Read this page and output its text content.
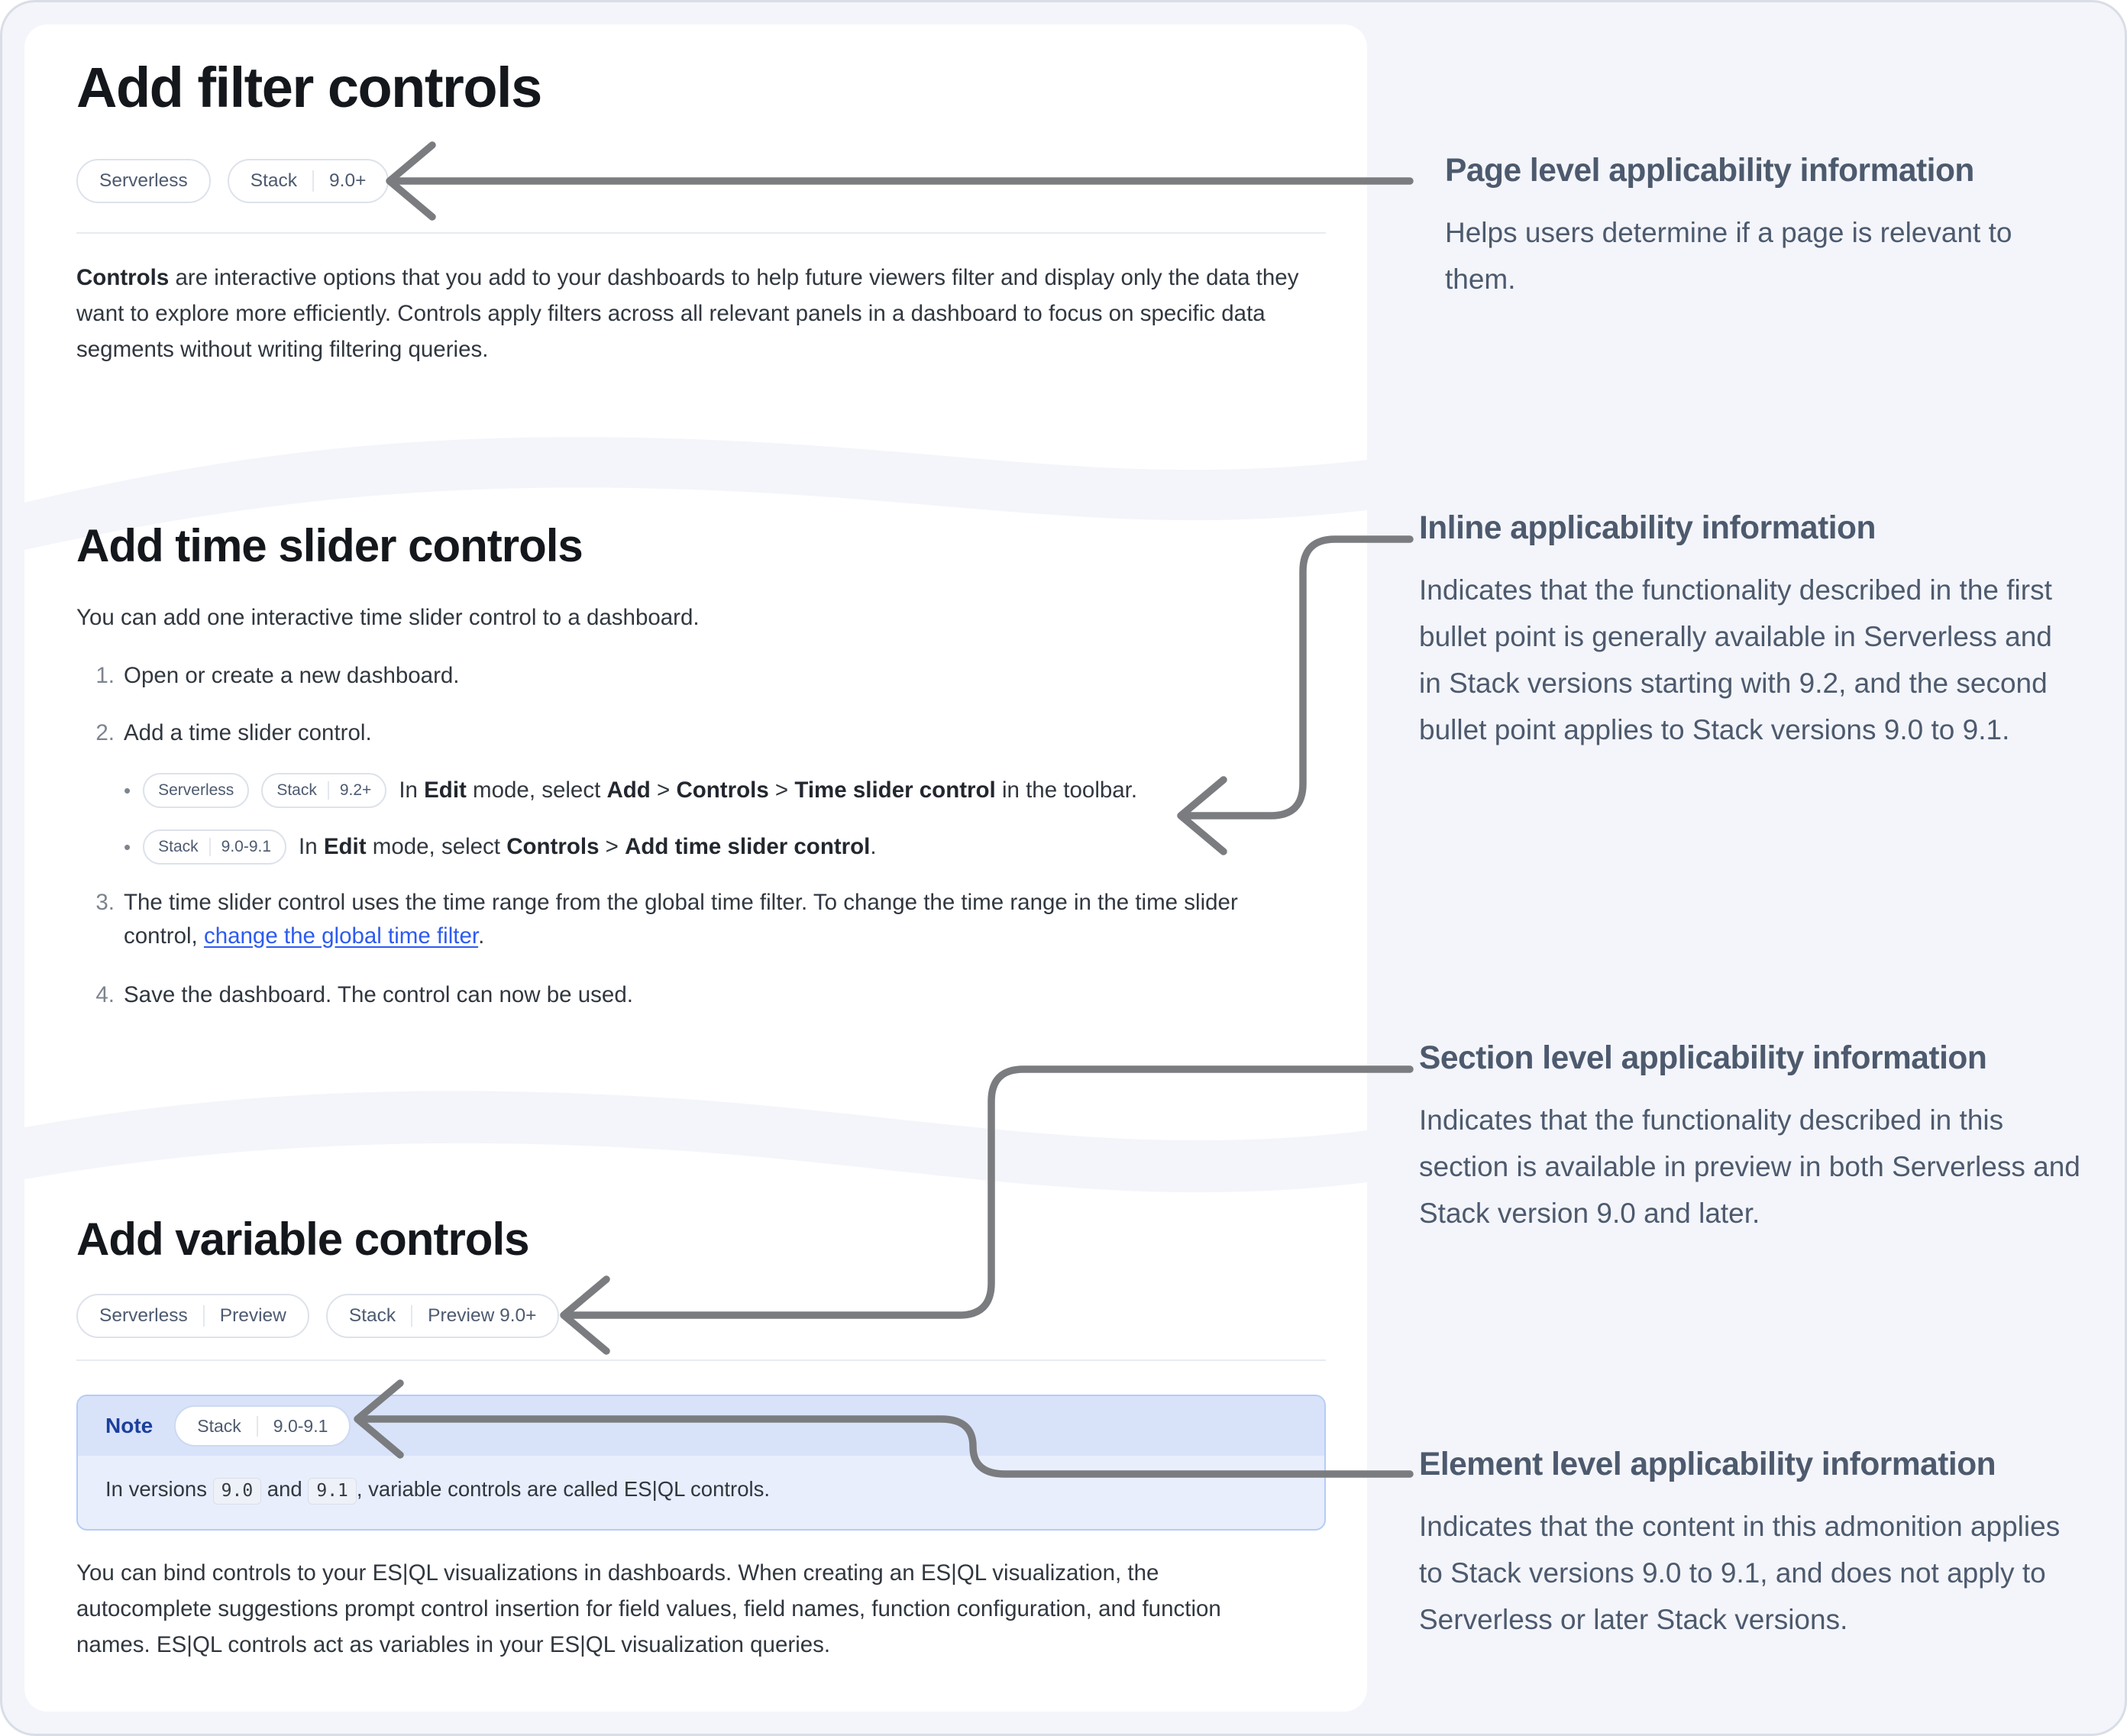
Add filter controls
Serverless	Stack	9.0+

Controls are interactive options that you add to your dashboards to help future viewers filter and display only the data they want to explore more efficiently. Controls apply filters across all relevant panels in a dashboard to focus on specific data segments without writing filtering queries.

Add time slider controls
You can add one interactive time slider control to a dashboard.
1. Open or create a new dashboard.
2. Add a time slider control.
• Serverless	Stack	9.2+ In Edit mode, select Add > Controls > Time slider control in the toolbar.
• Stack	9.0-9.1 In Edit mode, select Controls > Add time slider control.
3. The time slider control uses the time range from the global time filter. To change the time range in the time slider control, change the global time filter.
4. Save the dashboard. The control can now be used.
Add variable controls
Serverless	Preview	Stack	Preview 9.0+
Note	Stack	9.0-9.1
In versions 9.0 and 9.1 , variable controls are called ES|QL controls.

You can bind controls to your ES|QL visualizations in dashboards. When creating an ES|QL visualization, the autocomplete suggestions prompt control insertion for field values, field names, function configuration, and function names. ES|QL controls act as variables in your ES|QL visualization queries.

Page level applicability information

Helps users determine if a page is relevant to them.

Inline applicability information

Indicates that the functionality described in the first bullet point is generally available in Serverless and in Stack versions starting with 9.2, and the second bullet point applies to Stack versions 9.0 to 9.1.

Section level applicability information

Indicates that the functionality described in this section is available in preview in both Serverless and Stack version 9.0 and later.

Element level applicability information

Indicates that the content in this admonition applies to Stack versions 9.0 to 9.1, and does not apply to Serverless or later Stack versions.
